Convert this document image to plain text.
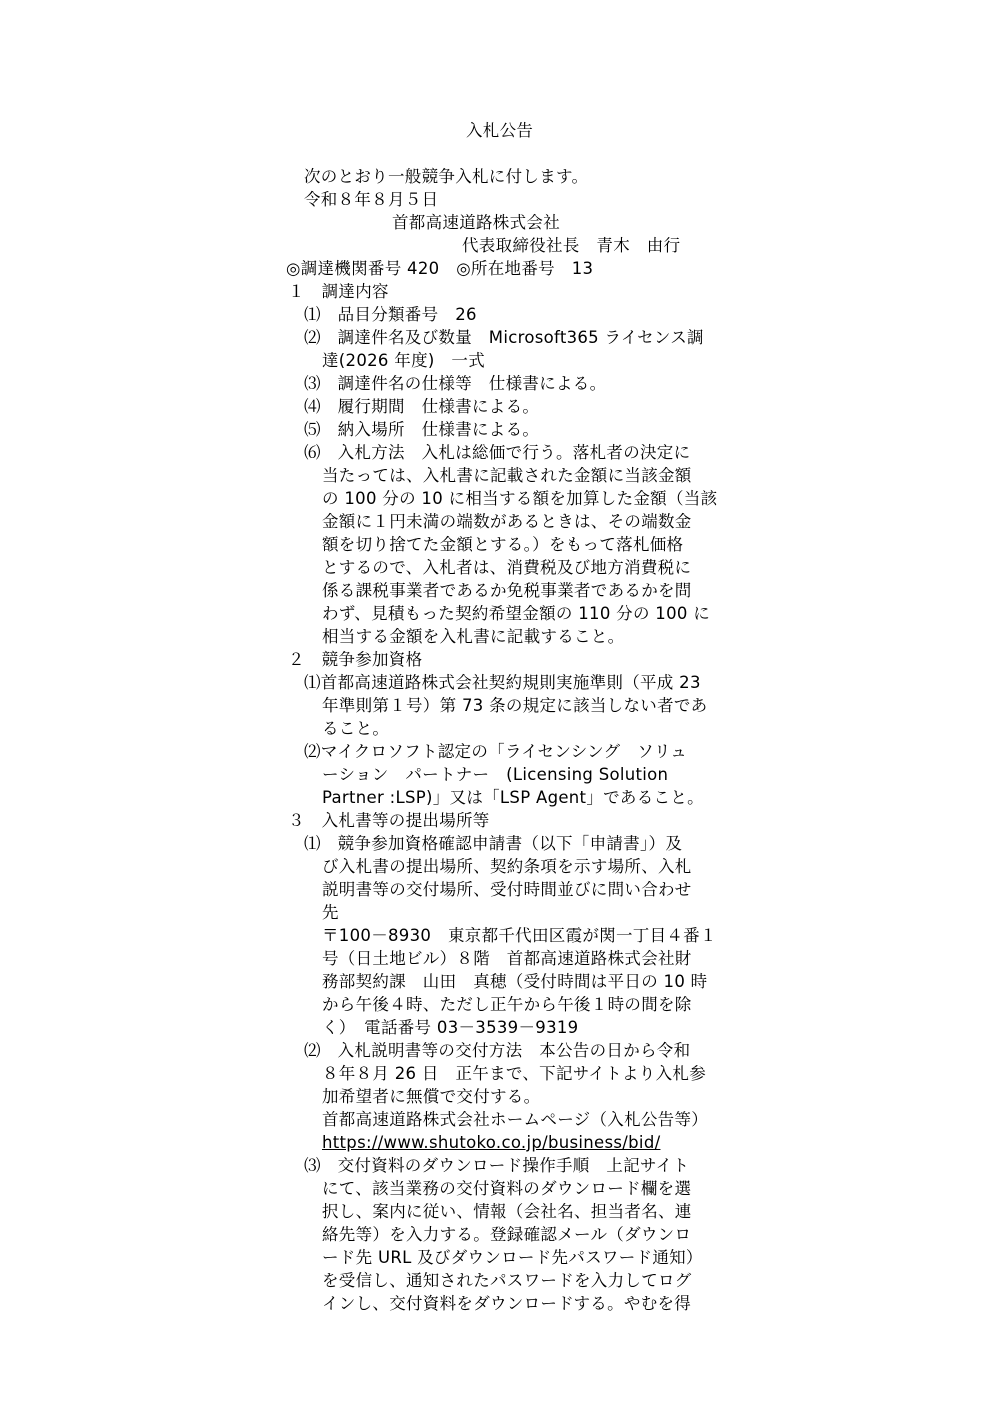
入札公告
次のとおり一般競争入札に付します。
令和８年８月５日
首都高速道路株式会社
代表取締役社長　青木　由行
◎調達機関番号 420　◎所在地番号　13
１　調達内容
⑴　品目分類番号　26
⑵　調達件名及び数量　Microsoft365 ライセンス調
達(2026 年度)　一式
⑶　調達件名の仕様等　仕様書による。
⑷　履行期間　仕様書による。
⑸　納入場所　仕様書による。
⑹　入札方法　入札は総価で行う。落札者の決定に
当たっては、入札書に記載された金額に当該金額
の 100 分の 10 に相当する額を加算した金額（当該
金額に１円未満の端数があるときは、その端数金
額を切り捨てた金額とする。）をもって落札価格
とするので、入札者は、消費税及び地方消費税に
係る課税事業者であるか免税事業者であるかを問
わず、見積もった契約希望金額の 110 分の 100 に
相当する金額を入札書に記載すること。
２　競争参加資格
⑴首都高速道路株式会社契約規則実施準則（平成 23
年準則第１号）第 73 条の規定に該当しない者であ
ること。
⑵マイクロソフト認定の「ライセンシング　ソリュ
ーション　パートナー　(Licensing Solution
Partner :LSP)」又は「LSP Agent」であること。
３　入札書等の提出場所等
⑴　競争参加資格確認申請書（以下「申請書」）及
び入札書の提出場所、契約条項を示す場所、入札
説明書等の交付場所、受付時間並びに問い合わせ
先
〒100－8930　東京都千代田区霞が関一丁目４番１
号（日土地ビル）８階　首都高速道路株式会社財
務部契約課　山田　真穂（受付時間は平日の 10 時
から午後４時、ただし正午から午後１時の間を除
く）　電話番号 03－3539－9319
⑵　入札説明書等の交付方法　本公告の日から令和
８年８月 26 日　正午まで、下記サイトより入札参
加希望者に無償で交付する。
首都高速道路株式会社ホームページ（入札公告等）
https://www.shutoko.co.jp/business/bid/
⑶　交付資料のダウンロード操作手順　上記サイト
にて、該当業務の交付資料のダウンロード欄を選
択し、案内に従い、情報（会社名、担当者名、連
絡先等）を入力する。登録確認メール（ダウンロ
ード先 URL 及びダウンロード先パスワード通知）
を受信し、通知されたパスワードを入力してログ
インし、交付資料をダウンロードする。やむを得
